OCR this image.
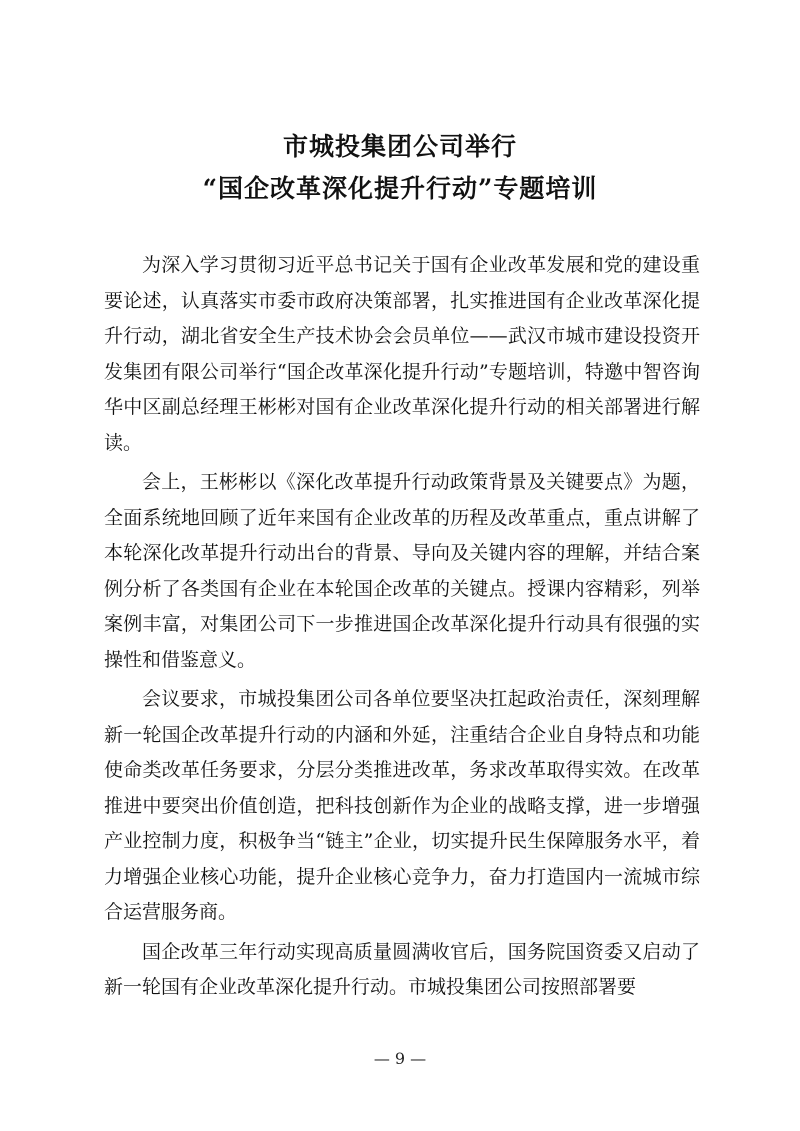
市城投集团公司举行
“国企改革深化提升行动”专题培训

为深入学习贯彻习近平总书记关于国有企业改革发展和党的建设重要论述，认真落实市委市政府决策部署，扎实推进国有企业改革深化提升行动，湖北省安全生产技术协会会员单位——武汉市城市建设投资开发集团有限公司举行“国企改革深化提升行动”专题培训，特邀中智咨询华中区副总经理王彬彬对国有企业改革深化提升行动的相关部署进行解读。

会上，王彬彬以《深化改革提升行动政策背景及关键要点》为题，全面系统地回顾了近年来国有企业改革的历程及改革重点，重点讲解了本轮深化改革提升行动出台的背景、导向及关键内容的理解，并结合案例分析了各类国有企业在本轮国企改革的关键点。授课内容精彩，列举案例丰富，对集团公司下一步推进国企改革深化提升行动具有很强的实操性和借鉴意义。

会议要求，市城投集团公司各单位要坚决扛起政治责任，深刻理解新一轮国企改革提升行动的内涵和外延，注重结合企业自身特点和功能使命类改革任务要求，分层分类推进改革，务求改革取得实效。在改革推进中要突出价值创造，把科技创新作为企业的战略支撑，进一步增强产业控制力度，积极争当“链主”企业，切实提升民生保障服务水平，着力增强企业核心功能，提升企业核心竞争力，奋力打造国内一流城市综合运营服务商。

国企改革三年行动实现高质量圆满收官后，国务院国资委又启动了新一轮国有企业改革深化提升行动。市城投集团公司按照部署要

— 9 —
